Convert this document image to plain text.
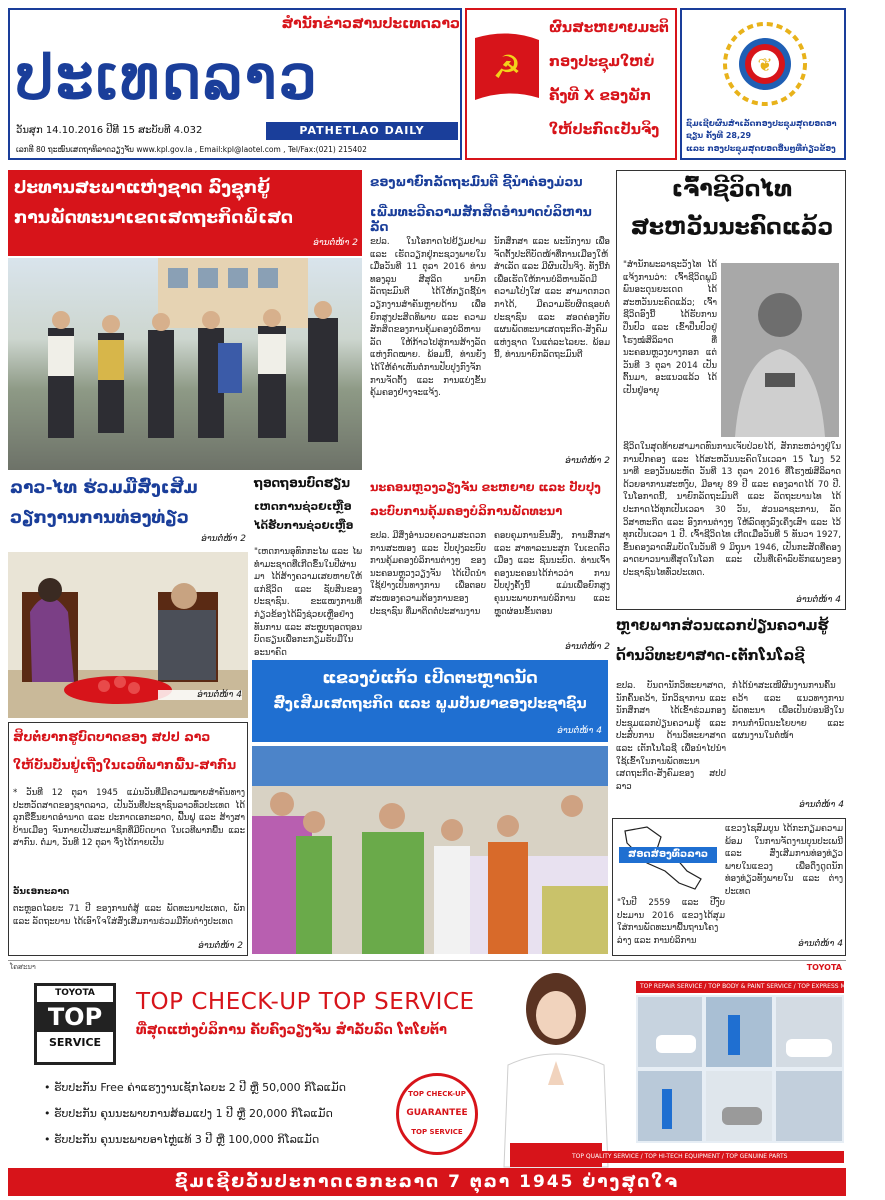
ສຳນັກຂ່າວສານປະເທດລາວ
ປະເທດລາວ
PATHETLAO DAILY
ວັນສຸກ 14.10.2016 ປີທີ 15 ສະບັບທີ 4.032
ເລກທີ 80 ຖະໜົນເສດຖາທິລາດວຽງຈັນ www.kpl.gov.la , Email:kpl@laotel.com , Tel/Fax:(021) 215402
☭
ຜົນສະຫຍາຍມະຕິ
ກອງປະຊຸມໃຫຍ່
ຄັ້ງທີ X ຂອງພັກ
ໃຫ້ປະກົດເປັນຈິງ
❦
ຊົມເຊີຍຜົນສຳເລັດກອງປະຊຸມສຸດຍອດອາຊຽນ ຄັ້ງທີ 28,29
ແລະ ກອງປະຊຸມສຸດຍອດອື່ນໆທີ່ກ່ຽວຂ້ອງ
ປະທານສະພາແຫ່ງຊາດ ລົງຊຸກຍູ້
ການພັດທະນາເຂດເສດຖະກິດພິເສດ
ອ່ານຕໍ່ໜ້າ 2
ຂອງພາຍົກລັດຖະມົນຕີ ຊີ້ນຳຄ່ອງມ່ວນ
ເພີ່ມທະວີຄວາມສັກສິດອຳນາດບໍລິຫານລັດ
ຂປລ. ໃນໂອກາດໄປຢ້ຽມຢາມ ແລະ ເຮັດວຽກຢູ່ກະຊວງພາຍໃນ ເມື່ອວັນທີ 11 ຕຸລາ 2016 ທ່ານທອງລຸນ ສີສຸລິດ ນາຍົກລັດຖະມົນຕີ ໄດ້ໃຫ້ກຽດຊີ້ນຳວຽກງານສຳຄັນຫຼາຍດ້ານ ເພື່ອຍົກສູງປະສິດທິພາບ ແລະ ຄວາມສັກສິດຂອງການຄຸ້ມຄອງບໍລິຫານລັດ ໃຫ້ກ້າວໄປສູ່ການສ້າງລັດແຫ່ງກົດໝາຍ. ພ້ອມນີ້, ທ່ານຍັງໄດ້ໃຫ້ຄຳເຫັນຕໍ່ການປັບປຸງກົງຈັກການຈັດຕັ້ງ ແລະ ການແບ່ງຂັ້ນຄຸ້ມຄອງຢ່າງຈະແຈ້ງ.
ນັກສຶກສາ ແລະ ພະນັກງານ ເພື່ອຈັດຕັ້ງປະຕິບັດໜ້າທີ່ການເມືອງໃຫ້ສຳເລັດ ແລະ ມີຜົນເປັນຈິງ. ທັງນີ້ກໍເພື່ອເຮັດໃຫ້ການບໍລິຫານລັດມີຄວາມໂປ່ງໃສ ແລະ ສາມາດກວດກາໄດ້, ມີຄວາມຮັບຜິດຊອບຕໍ່ປະຊາຊົນ ແລະ ສອດຄ່ອງກັບແຜນພັດທະນາເສດຖະກິດ-ສັງຄົມແຫ່ງຊາດ ໃນແຕ່ລະໄລຍະ. ພ້ອມນີ້, ທ່ານນາຍົກລັດຖະມົນຕີ
ອ່ານຕໍ່ໜ້າ 2
ເຈົ້າຊີວິດໄທ
ສະຫວັນນະຄົດແລ້ວ
"ສຳນັກພະລາຊະວັງໄທ ໄດ້ແຈ້ງການວ່າ: ເຈົ້າຊີວິດພູມິພົນອະດຸນຍະເດດ ໄດ້ສະຫວັນນະຄົດແລ້ວ; ເຈົ້າຊີວິດອົງນີ້ ໄດ້ຮັບການປິ່ນປົວ ແລະ ເຂົ້າປິ່ນປົວຢູ່ໂຮງໝໍສິລິລາດ ທີ່ນະຄອນຫຼວງບາງກອກ ແຕ່ວັນທີ 3 ຕຸລາ 2014 ເປັນຕົ້ນມາ, ອະແນວແລ້ວ ໄດ້ເປັນຢູ່ອາຍຸ
ຊີວິດໃນສຸດທ້າຍສາມາດທົນການເຈັບປ່ວຍໄດ້, ສັກກະຫວ່າງຢູ່ໃນການປົກຄອງ ແລະ ໄດ້ສະຫວັນນະຄົດໃນເວລາ 15 ໂມງ 52 ນາທີ ຂອງວັນພະຫັດ ວັນທີ 13 ຕຸລາ 2016 ທີ່ໂຮງໝໍສິລິລາດ ດ້ວຍອາການສະຫງົບ, ມີອາຍຸ 89 ປີ ແລະ ຄອງລາດໄດ້ 70 ປີ. ໃນໂອກາດນີ້, ນາຍົກລັດຖະມົນຕີ ແລະ ລັດຖະບານໄທ ໄດ້ປະກາດໄວ້ທຸກເປັນເວລາ 30 ວັນ, ສ່ວນລາຊະການ, ລັດວິສາຫະກິດ ແລະ ອົງການຕ່າງໆ ໃຫ້ລົດທຸງລົງເຄິ່ງເສົາ ແລະ ໄວ້ທຸກເປັນເວລາ 1 ປີ. ເຈົ້າຊີວິດໄທ ເກີດເມື່ອວັນທີ 5 ທັນວາ 1927, ຂຶ້ນຄອງລາດສົມບັດໃນວັນທີ 9 ມິຖຸນາ 1946, ເປັນກະສັດທີ່ຄອງລາດຍາວນານທີ່ສຸດໃນໂລກ ແລະ ເປັນທີ່ເຄົາລົບຮັກແພງຂອງປະຊາຊົນໄທທົ່ວປະເທດ.
ອ່ານຕໍ່ໜ້າ 4
ລາວ-ໄທ ຮ່ວມມືສົ່ງເສີມ
ວຽກງານການທ່ອງທ່ຽວ
ອ່ານຕໍ່ໜ້າ 2
ອ່ານຕໍ່ໜ້າ 4
ຖອດຖອນບົດຮຽນ
ເຫດການຊ່ວຍເຫຼືອ
ໄດ້ຮັບການຊ່ວຍເຫຼືອ
"ເຫດການອຸທົກກະໄພ ແລະ ໄພທຳມະຊາດທີ່ເກີດຂຶ້ນໃນປີຜ່ານມາ ໄດ້ສ້າງຄວາມເສຍຫາຍໃຫ້ແກ່ຊີວິດ ແລະ ຊັບສິນຂອງປະຊາຊົນ. ຂະແໜງການທີ່ກ່ຽວຂ້ອງໄດ້ລົງຊ່ວຍເຫຼືອຢ່າງທັນການ ແລະ ສະຫຼຸບຖອດຖອນບົດຮຽນເພື່ອກະກຽມຮັບມືໃນອະນາຄົດ
ນະຄອນຫຼວງວຽງຈັນ ຂະຫຍາຍ ແລະ ປັບປຸງ
ລະບົບການຄຸ້ມຄອງບໍລິການພັດທະນາ
ຂປລ. ມີສິ່ງອຳນວຍຄວາມສະດວກ ການສະໜອງ ແລະ ປັບປຸງລະບົບການຄຸ້ມຄອງບໍລິການຕ່າງໆ ຂອງນະຄອນຫຼວງວຽງຈັນ ໄດ້ເປີດນຳໃຊ້ຢ່າງເປັນທາງການ ເພື່ອຕອບສະໜອງຄວາມຕ້ອງການຂອງປະຊາຊົນ ທີ່ມາຕິດຕໍ່ປະສານງານ
ຄອບຄຸມການຂົນສົ່ງ, ການສຶກສາ ແລະ ສາທາລະນະສຸກ ໃນເຂດຕົວເມືອງ ແລະ ຊົນນະບົດ. ທ່ານເຈົ້າຄອງນະຄອນໄດ້ກ່າວວ່າ ການປັບປຸງຄັ້ງນີ້ ແມ່ນເພື່ອຍົກສູງຄຸນນະພາບການບໍລິການ ແລະ ຫຼຸດຜ່ອນຂັ້ນຕອນ
ອ່ານຕໍ່ໜ້າ 2
ແຂວງບໍ່ແກ້ວ ເປີດຕະຫຼາດນັດ
ສົ່ງເສີມເສດຖະກິດ ແລະ ພູມປັນຍາຂອງປະຊາຊົນ
ອ່ານຕໍ່ໜ້າ 4
ສິບຕໍ່ຍາກຮູບົດບາດຂອງ ສປປ ລາວ
ໃຫ້ບັນບັ່ນຢູ່ເຖີ່ງໃນເວທີພາກພື້ນ-ສາກົນ
* ວັນທີ 12 ຕຸລາ 1945 ແມ່ນວັນທີ່ມີຄວາມໝາຍສຳຄັນທາງປະຫວັດສາດຂອງຊາດລາວ, ເປັນວັນທີ່ປະຊາຊົນລາວທົ່ວປະເທດ ໄດ້ລຸກຮືຂຶ້ນຍາດອຳນາດ ແລະ ປະກາດເອກະລາດ, ຟື້ນຟູ ແລະ ສ້າງສາບ້ານເມືອງ ຈົນກາຍເປັນສະມາຊິກທີ່ມີບົດບາດ ໃນເວທີພາກພື້ນ ແລະ ສາກົນ. ຕໍ່ມາ, ວັນທີ 12 ຕຸລາ ຈຶ່ງໄດ້ກາຍເປັນ
ວັນເອກະລາດ
ຕະຫຼອດໄລຍະ 71 ປີ ຂອງການຕໍ່ສູ້ ແລະ ພັດທະນາປະເທດ, ພັກ ແລະ ລັດຖະບານ ໄດ້ເອົາໃຈໃສ່ສົ່ງເສີມການຮ່ວມມືກັບຕ່າງປະເທດ
ອ່ານຕໍ່ໜ້າ 2
ຫຼາຍພາກສ່ວນແລກປ່ຽນຄວາມຮູ້
ດ້ານວິທະຍາສາດ-ເຕັກໂນໂລຊີ
ຂປລ. ບັນດານັກວິທະຍາສາດ, ນັກຄົ້ນຄວ້າ, ນັກວິຊາການ ແລະ ນັກສຶກສາ ໄດ້ເຂົ້າຮ່ວມກອງປະຊຸມແລກປ່ຽນຄວາມຮູ້ ແລະ ປະສົບການ ດ້ານວິທະຍາສາດ ແລະ ເຕັກໂນໂລຊີ ເພື່ອນຳໄປນຳໃຊ້ເຂົ້າໃນການພັດທະນາເສດຖະກິດ-ສັງຄົມຂອງ ສປປ ລາວ
ກໍໄດ້ນຳສະເໜີຜົນງານການຄົ້ນຄວ້າ ແລະ ແນວທາງການພັດທະນາ ເພື່ອເປັນບ່ອນອີງໃນການກຳນົດນະໂຍບາຍ ແລະ ແຜນງານໃນຕໍ່ໜ້າ
ອ່ານຕໍ່ໜ້າ 4
ສອດສ່ອງທົ່ວລາວ
ແຂວງໄຊສົມບູນ ໄດ້ກະກຽມຄວາມພ້ອມ ໃນການຈັດງານບຸນປະເພນີ ແລະ ສົ່ງເສີມການທ່ອງທ່ຽວ ພາຍໃນແຂວງ ເພື່ອດຶງດູດນັກທ່ອງທ່ຽວທັງພາຍໃນ ແລະ ຕ່າງປະເທດ
"ໃນປີ 2559 ແລະ ປີງົບປະມານ 2016 ແຂວງໄດ້ສຸມໃສ່ການພັດທະນາພື້ນຖານໂຄງລ່າງ ແລະ ການບໍລິການ	ອ່ານຕໍ່ໜ້າ 4
ໂຄສະນາ	TOYOTA
TOYOTA
TOP
SERVICE
TOP CHECK-UP TOP SERVICE
ທີ່ສຸດແຫ່ງບໍລິການ ຄັບຄົງວຽງຈັນ ສຳລັບລົດ ໂຕໂຍຕ້າ
• ຮັບປະກັນ Free ຄ່າແຮງງານເຊັກໄລຍະ 2 ປີ ຫຼື 50,000 ກິໂລແມັດ
• ຮັບປະກັນ ຄຸນນະພາບການສ້ອມແປງ 1 ປີ ຫຼື 20,000 ກິໂລແມັດ
• ຮັບປະກັນ ຄຸນນະພາບອາໄຫຼ່ແທ້ 3 ປີ ຫຼື 100,000 ກິໂລແມັດ
TOP CHECK-UP
GUARANTEE
TOP SERVICE
TOP REPAIR SERVICE / TOP BODY & PAINT SERVICE / TOP EXPRESS MAINTENANCE
TOP QUALITY SERVICE / TOP HI-TECH EQUIPMENT / TOP GENUINE PARTS
ຊົມເຊີຍວັນປະກາດເອກະລາດ 7 ຕຸລາ 1945 ຍ່າງສຸດໃຈ
